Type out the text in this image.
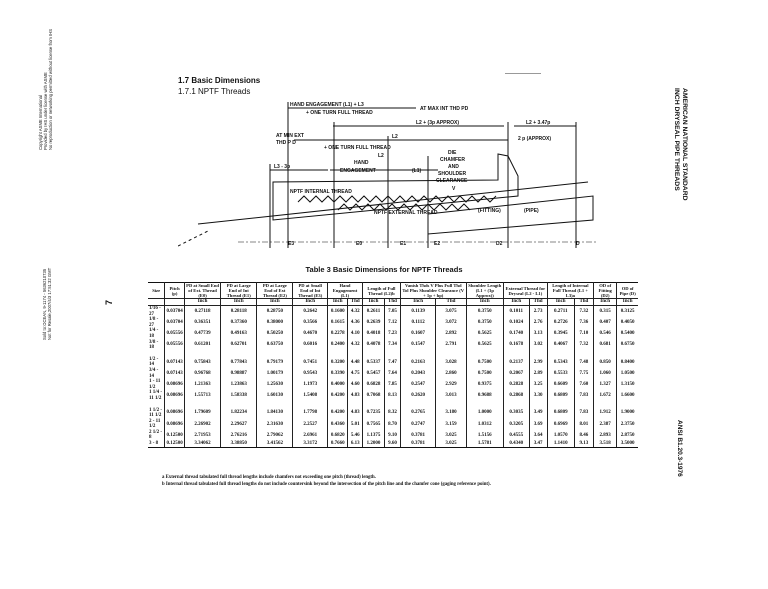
Copyright ASME International Provided by IHS under license with ASME No reproduction or networking permitted without license from IHS
Sold to:OCEAN, 9-1174 - 5636210735 Not for Resale,2007/4/3 17:51:32 GMT	7
AMERICAN NATIONAL STANDARD
INCH DRYSEAL PIPE THREADS
ANSI B1.20.3-1976
1.7 Basic Dimensions
1.7.1 NPTF Threads
HAND ENGAGEMENT (L1) + L3
+ ONE TURN FULL THREAD
AT MAX INT THD PD
L2 + (3p APPROX)	L2 + 3.47p
AT MIN EXT
THD P D
L2	2 p (APPROX)
+ ONE TURN FULL THREAD
L2
L3 - 3p
HAND
ENGAGEMENT	(L1)
DIE
CHAMFER
AND
SHOULDER
CLEARANCE
V
NPTF INTERNAL THREAD
NPTF EXTERNAL THREAD	(FITTING)	(PIPE)
E3	E0	E1	E2	D2	D
Table 3 Basic Dimensions for NPTF Threads
Size	Pitch (p)	PD at Small End of Ext. Thread (E0)	PD at Large End of Int Thread (E1)	PD at Large End of Ext Thread (E2)	PD at Small End of Int Thread (E3)	Hand Engagement (L1)		Length of Full Thread (L2)b		Vanish Thds V Plus Full Thd Tol Plus Shoulder Clearance (V + 1p + hp)		Shoulder Length (L1 + (3p Approx))	External Thread for Dryseal (L2 - L1)		Length of Internal Full Thread (L1 + L3)a		OD of Fitting (D2)	OD of Pipe (D)
		Inch	Inch	Inch	Inch	Inch	Thd	Inch	Thd	Inch	Thd	Inch	Inch	Thd	Inch	Thd	Inch	Inch
1/16 - 27	0.03704	0.27118	0.28118	0.28750	0.2642	0.1600	4.32	0.2611	7.05	0.1139	3.075	0.3750	0.1011	2.73	0.2711	7.32	0.315	0.3125
1/8 - 27	0.03704	0.36351	0.37360	0.38000	0.3566	0.1615	4.36	0.2639	7.12	0.1112	3.072	0.3750	0.1024	2.76	0.2726	7.36	0.407	0.4050
1/4 - 18	0.05556	0.47739	0.49163	0.50250	0.4670	0.2278	4.10	0.4018	7.23	0.1607	2.892	0.5625	0.1740	3.13	0.3945	7.10	0.546	0.5400
3/8 - 18	0.05556	0.61201	0.62701	0.63750	0.6016	0.2400	4.32	0.4078	7.34	0.1547	2.791	0.5625	0.1678	3.02	0.4067	7.32	0.681	0.6750

1/2 - 14	0.07143	0.75843	0.77843	0.79179	0.7451	0.3200	4.48	0.5337	7.47	0.2163	3.028	0.7500	0.2137	2.99	0.5343	7.48	0.850	0.8400
3/4 - 14	0.07143	0.96768	0.98887	1.00179	0.9543	0.3390	4.75	0.5457	7.64	0.2043	2.860	0.7500	0.2067	2.89	0.5533	7.75	1.060	1.0500
1 - 11 1/2	0.08696	1.21363	1.23863	1.25630	1.1973	0.4000	4.60	0.6828	7.85	0.2547	2.929	0.9375	0.2828	3.25	0.6609	7.60	1.327	1.3150
1 1/4 - 11 1/2	0.08696	1.55713	1.58338	1.60130	1.5408	0.4200	4.83	0.7068	8.13	0.2620	3.013	0.9688	0.2868	3.30	0.6809	7.83	1.672	1.6600

1 1/2 - 11 1/2	0.08696	1.79609	1.82234	1.84130	1.7798	0.4200	4.83	0.7235	8.32	0.2765	3.180	1.0000	0.3035	3.49	0.6809	7.83	1.912	1.9000
2 - 11 1/2	0.08696	2.26902	2.29627	2.31630	2.2527	0.4360	5.01	0.7565	8.70	0.2747	3.159	1.0312	0.3205	3.69	0.6969	8.01	2.387	2.3750
2 1/2 - 8	0.12500	2.71953	2.76216	2.79062	2.6961	0.6820	5.46	1.1375	9.10	0.3781	3.025	1.5156	0.4555	3.64	1.0570	8.46	2.893	2.8750
3 - 8	0.12500	3.34062	3.38850	3.41562	3.3172	0.7660	6.13	1.2000	9.60	0.3781	3.025	1.5781	0.4340	3.47	1.1410	9.13	3.518	3.5000
a External thread tabulated full thread lengths include chamfers not exceeding one pitch (thread) length.
b Internal thread tabulated full thread lengths do not include countersink beyond the intersection of the pitch line and the chamfer cone (gaging reference point).
